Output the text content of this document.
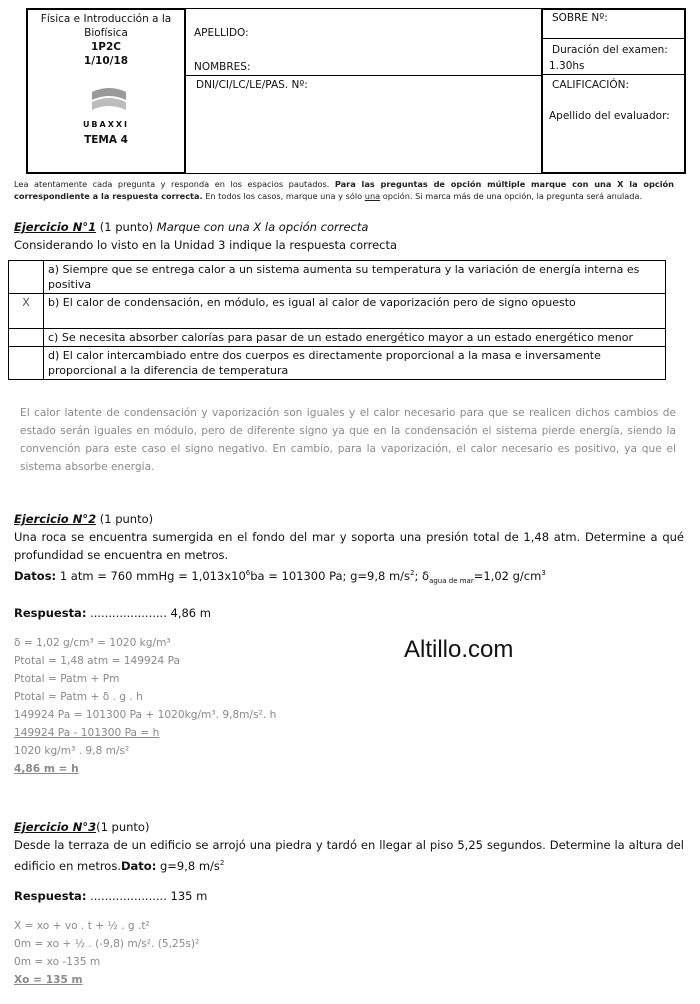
Física e Introducción a la
Biofísica
1P2C
1/10/18
UBAXXI
TEMA 4
APELLIDO:
NOMBRES:
DNI/CI/LC/LE/PAS. Nº:
SOBRE Nº:
Duración del examen:
1.30hs
CALIFICACIÓN:
Apellido del evaluador:
Lea atentamente cada pregunta y responda en los espacios pautados. Para las preguntas de opción múltiple marque con una X la opción correspondiente a la respuesta correcta. En todos los casos, marque una y sólo una opción. Si marca más de una opción, la pregunta será anulada.
Ejercicio N°1 (1 punto) Marque con una X la opción correcta
Considerando lo visto en la Unidad 3 indique la respuesta correcta
	a) Siempre que se entrega calor a un sistema aumenta su temperatura y la variación de energía interna es positiva
X	b) El calor de condensación, en módulo, es igual al calor de vaporización pero de signo opuesto
	c) Se necesita absorber calorías para pasar de un estado energético mayor a un estado energético menor
	d) El calor intercambiado entre dos cuerpos es directamente proporcional a la masa e inversamente proporcional a la diferencia de temperatura
El calor latente de condensación y vaporización son iguales y el calor necesario para que se realicen dichos cambios de estado serán iguales en módulo, pero de diferente signo ya que en la condensación el sistema pierde energía, siendo la convención para este caso el signo negativo. En cambio, para la vaporización, el calor necesario es positivo, ya que el sistema absorbe energía.
Ejercicio N°2 (1 punto)
Una roca se encuentra sumergida en el fondo del mar y soporta una presión total de 1,48 atm. Determine a qué profundidad se encuentra en metros.
Datos: 1 atm = 760 mmHg = $1,013x10^6ba = 101300$ Pa; g=9,8 $m/s^2$; $\delta_{agua de mar}=1,02$ $g/cm^3$
Respuesta: ..................... 4,86 m
δ = 1,02 g/cm³ = 1020 kg/m³
Ptotal = 1,48 atm = 149924 Pa
Ptotal = Patm + Pm
Ptotal = Patm + δ . g . h
149924 Pa = 101300 Pa + 1020kg/m³. 9,8m/s². h
149924 Pa - 101300 Pa = h
1020 kg/m³ . 9,8 m/s²
4,86 m = h
Altillo.com
Ejercicio N°3(1 punto)
Desde la terraza de un edificio se arrojó una piedra y tardó en llegar al piso 5,25 segundos. Determine la altura del edificio en metros.Dato: g=9,8 $m/s^2$
Respuesta: ..................... 135 m
X = xo + vo . t + ½ . g .t²
0m = xo + ½ . (-9,8) m/s². (5,25s)²
0m = xo -135 m
Xo = 135 m
